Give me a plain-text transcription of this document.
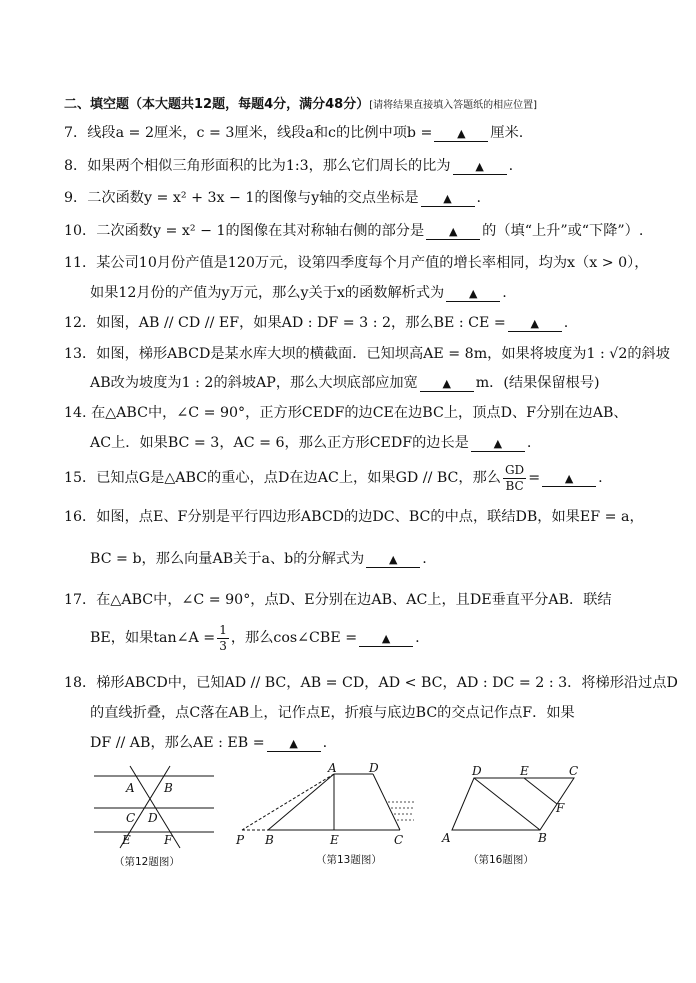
二、填空题（本大题共12题，每题4分，满分48分）[请将结果直接填入答题纸的相应位置]
7．线段a = 2厘米，c = 3厘米，线段a和c的比例中项b = ▲ 厘米.
8．如果两个相似三角形面积的比为1:3，那么它们周长的比为 ▲ .
9．二次函数y = x² + 3x − 1的图像与y轴的交点坐标是 ▲ .
10．二次函数y = x² − 1的图像在其对称轴右侧的部分是 ▲ 的（填“上升”或“下降”）.
11．某公司10月份产值是120万元，设第四季度每个月产值的增长率相同，均为x（x > 0），
如果12月份的产值为y万元，那么y关于x的函数解析式为 ▲ .
12．如图，AB // CD // EF，如果AD : DF = 3 : 2，那么BE : CE = ▲ .
13．如图，梯形ABCD是某水库大坝的横截面．已知坝高AE = 8m，如果将坡度为1 : √2的斜坡
AB改为坡度为1 : 2的斜坡AP，那么大坝底部应加宽 ▲ m．(结果保留根号)
14. 在△ABC中，∠C = 90°，正方形CEDF的边CE在边BC上，顶点D、F分别在边AB、
AC上．如果BC = 3，AC = 6，那么正方形CEDF的边长是 ▲ .
15．已知点G是△ABC的重心，点D在边AC上，如果GD // BC，那么 $\frac{GD}{BC}$ = ▲ .
16．如图，点E、F分别是平行四边形ABCD的边DC、BC的中点，联结DB，如果EF = a，
BC = b，那么向量AB关于a、b的分解式为 ▲ .
17．在△ABC中，∠C = 90°，点D、E分别在边AB、AC上，且DE垂直平分AB．联结
BE，如果tan∠A = $\frac{1}{3}$ ，那么cos∠CBE = ▲ .
18．梯形ABCD中，已知AD // BC，AB = CD，AD < BC，AD : DC = 2 : 3．将梯形沿过点D
的直线折叠，点C落在AB上，记作点E，折痕与底边BC的交点记作点F．如果
DF // AB，那么AE : EB = ▲ .
A B
C D
E	F
（第12题图）
A	D
P B	E	C
（第13题图）
D	E	C
F
A	B
（第16题图）
